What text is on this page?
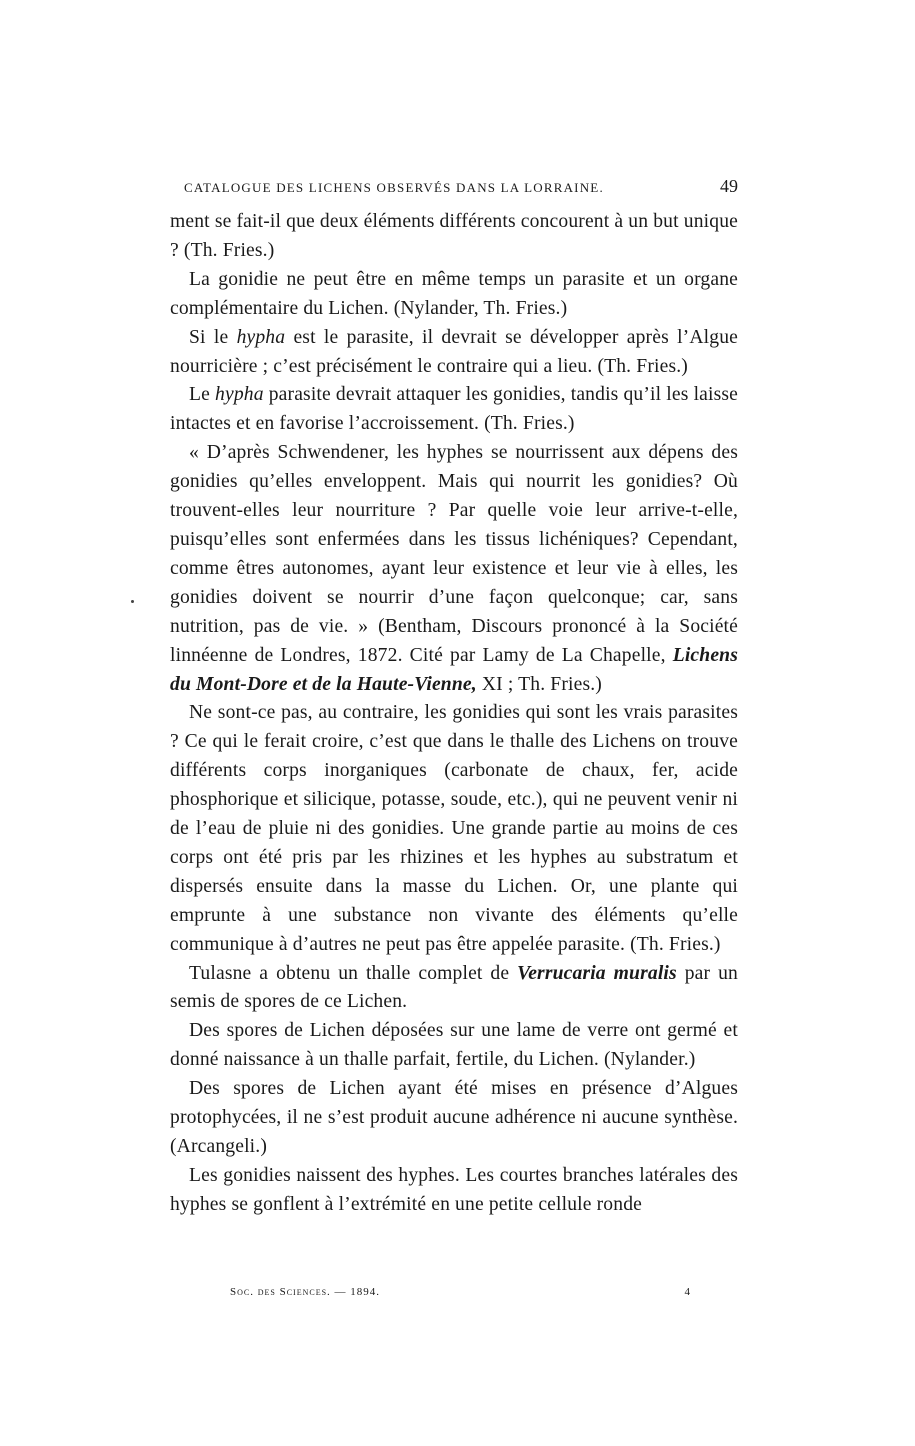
CATALOGUE DES LICHENS OBSERVÉS DANS LA LORRAINE.	49

ment se fait-il que deux éléments différents concourent à un but unique ? (Th. Fries.)

La gonidie ne peut être en même temps un parasite et un organe complémentaire du Lichen. (Nylander, Th. Fries.)

Si le hypha est le parasite, il devrait se développer après l’Algue nourricière ; c’est précisément le contraire qui a lieu. (Th. Fries.)

Le hypha parasite devrait attaquer les gonidies, tandis qu’il les laisse intactes et en favorise l’accroissement. (Th. Fries.)

« D’après Schwendener, les hyphes se nourrissent aux dépens des gonidies qu’elles enveloppent. Mais qui nourrit les gonidies? Où trouvent-elles leur nourriture ? Par quelle voie leur arrive-t-elle, puisqu’elles sont enfermées dans les tissus lichéniques? Cependant, comme êtres autonomes, ayant leur existence et leur vie à elles, les gonidies doivent se nourrir d’une façon quelconque; car, sans nutrition, pas de vie. » (Bentham, Discours prononcé à la Société linnéenne de Londres, 1872. Cité par Lamy de La Chapelle, Lichens du Mont-Dore et de la Haute-Vienne, XI ; Th. Fries.)

Ne sont-ce pas, au contraire, les gonidies qui sont les vrais parasites ? Ce qui le ferait croire, c’est que dans le thalle des Lichens on trouve différents corps inorganiques (carbonate de chaux, fer, acide phosphorique et silicique, potasse, soude, etc.), qui ne peuvent venir ni de l’eau de pluie ni des gonidies. Une grande partie au moins de ces corps ont été pris par les rhizines et les hyphes au substratum et dispersés ensuite dans la masse du Lichen. Or, une plante qui emprunte à une substance non vivante des éléments qu’elle communique à d’autres ne peut pas être appelée parasite. (Th. Fries.)

Tulasne a obtenu un thalle complet de Verrucaria muralis par un semis de spores de ce Lichen.

Des spores de Lichen déposées sur une lame de verre ont germé et donné naissance à un thalle parfait, fertile, du Lichen. (Nylander.)

Des spores de Lichen ayant été mises en présence d’Algues protophycées, il ne s’est produit aucune adhérence ni aucune synthèse. (Arcangeli.)

Les gonidies naissent des hyphes. Les courtes branches latérales des hyphes se gonflent à l’extrémité en une petite cellule ronde

Soc. des Sciences. — 1894.	4
